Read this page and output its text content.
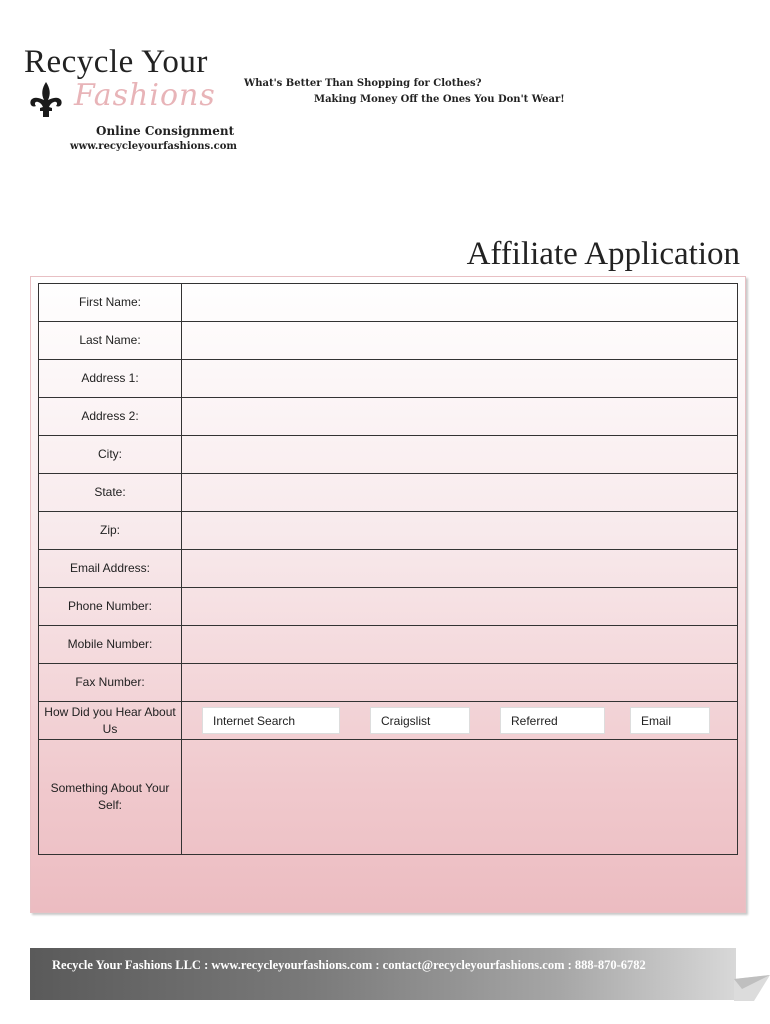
Recycle Your
Fashions
Online Consignment
www.recycleyourfashions.com
What's Better Than Shopping for Clothes?
Making Money Off the Ones You Don't Wear!
Affiliate Application
First Name:
Last Name:
Address 1:
Address 2:
City:
State:
Zip:
Email Address:
Phone Number:
Mobile Number:
Fax Number:
How Did you Hear About Us
Internet Search	Craigslist	Referred	Email
Something About Your Self:
Recycle Your Fashions LLC : www.recycleyourfashions.com : contact@recycleyourfashions.com : 888-870-6782
